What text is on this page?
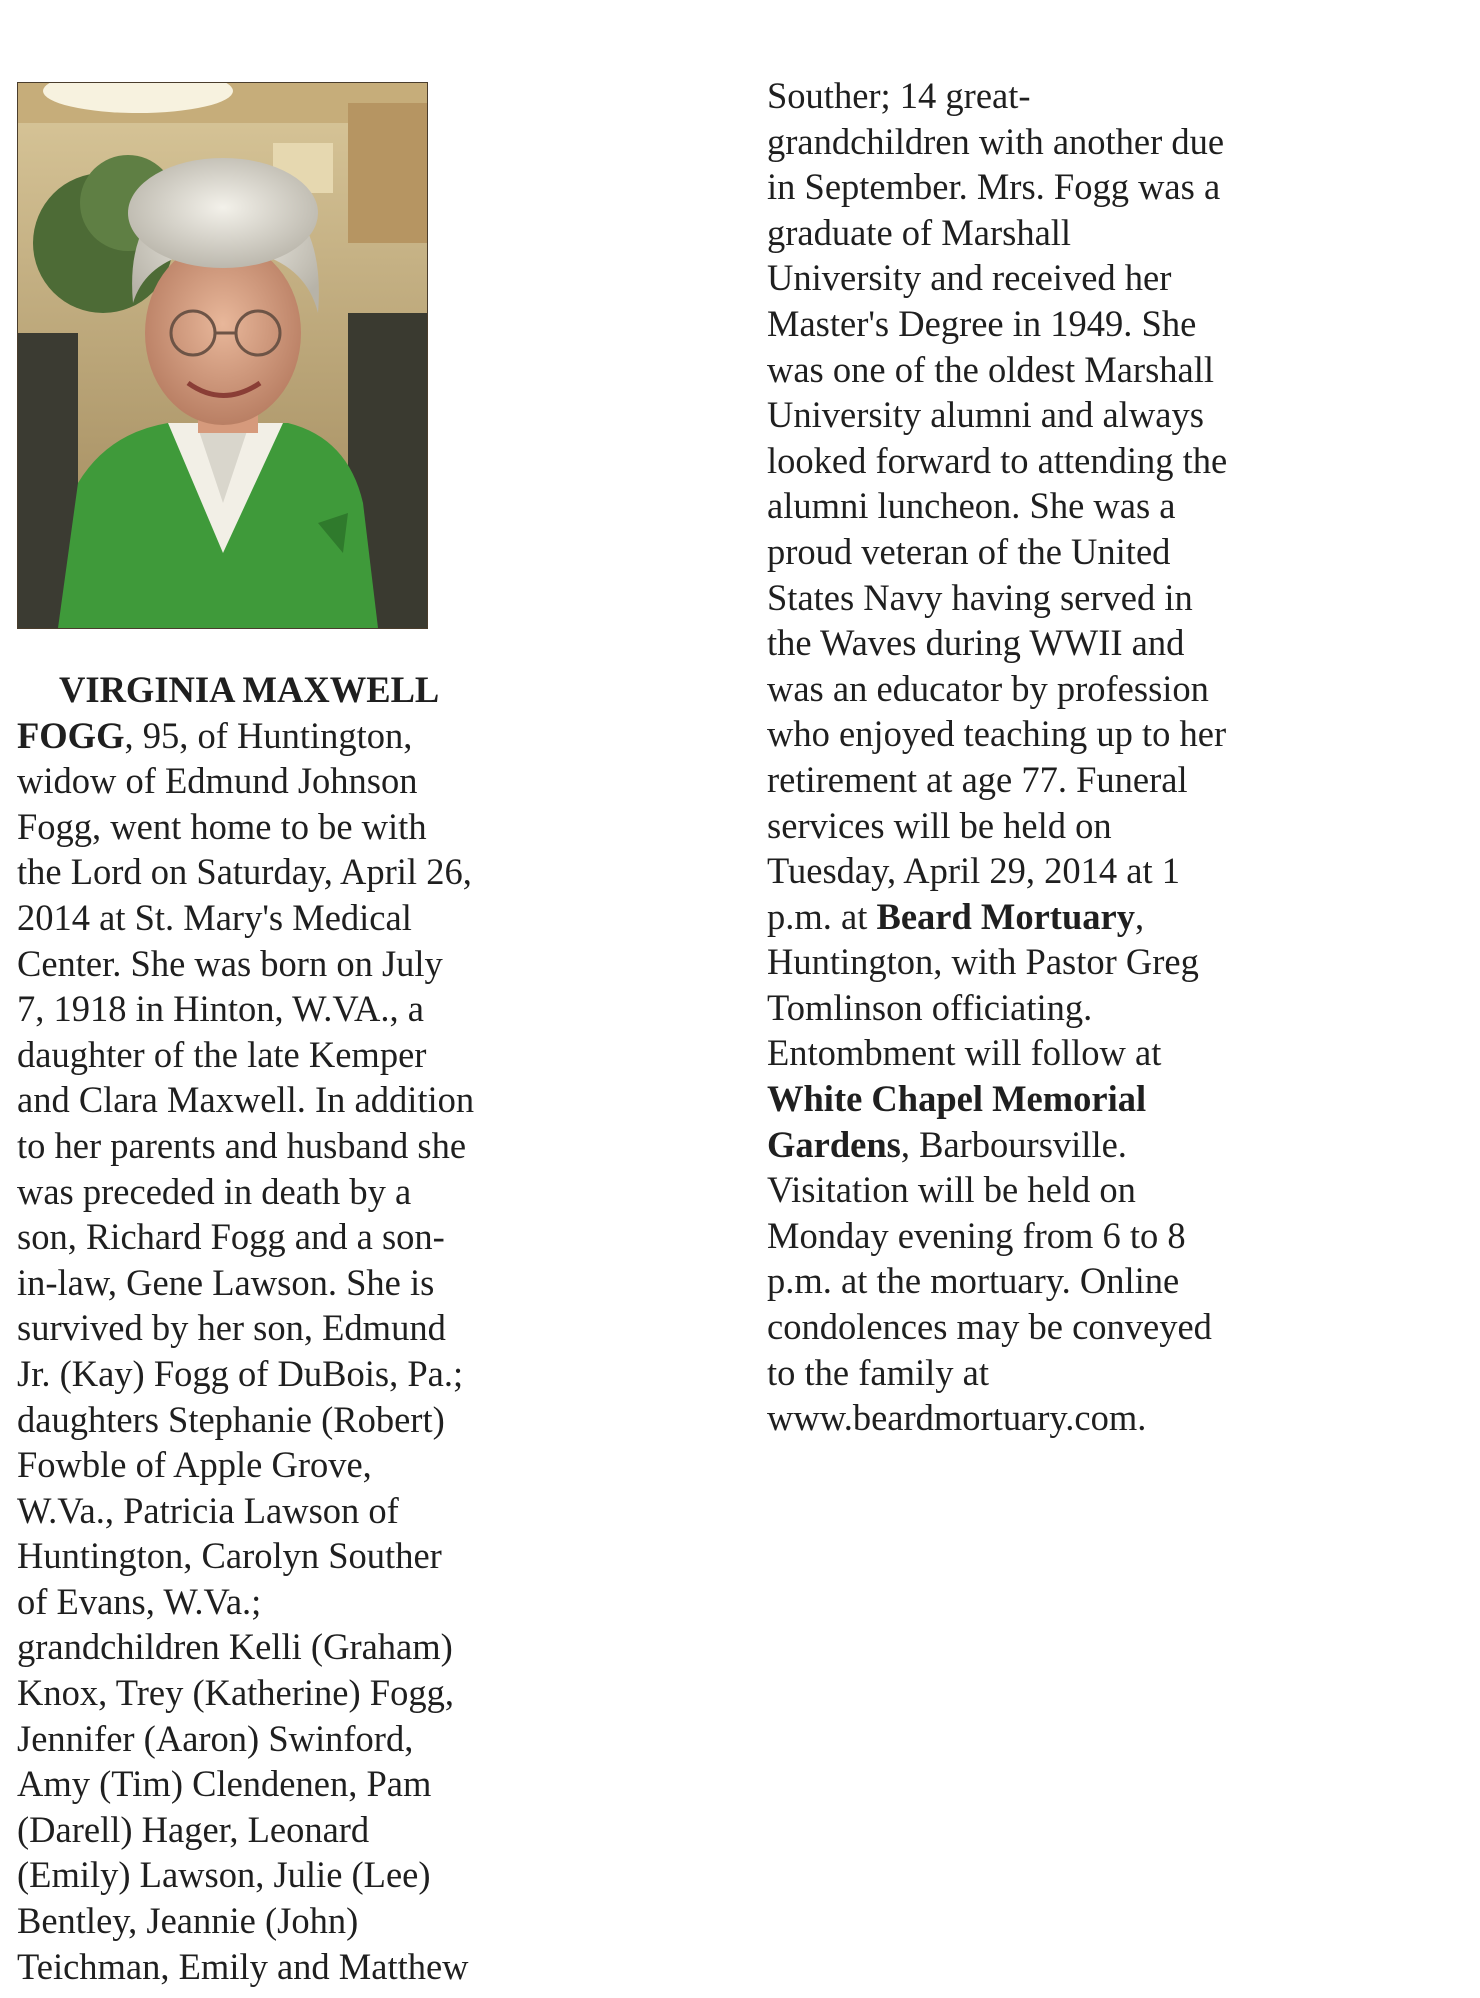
VIRGINIA MAXWELL
FOGG, 95, of Huntington,
widow of Edmund Johnson
Fogg, went home to be with
the Lord on Saturday, April 26,
2014 at St. Mary's Medical
Center. She was born on July
7, 1918 in Hinton, W.VA., a
daughter of the late Kemper
and Clara Maxwell. In addition
to her parents and husband she
was preceded in death by a
son, Richard Fogg and a son-
in-law, Gene Lawson. She is
survived by her son, Edmund
Jr. (Kay) Fogg of DuBois, Pa.;
daughters Stephanie (Robert)
Fowble of Apple Grove,
W.Va., Patricia Lawson of
Huntington, Carolyn Souther
of Evans, W.Va.;
grandchildren Kelli (Graham)
Knox, Trey (Katherine) Fogg,
Jennifer (Aaron) Swinford,
Amy (Tim) Clendenen, Pam
(Darell) Hager, Leonard
(Emily) Lawson, Julie (Lee)
Bentley, Jeannie (John)
Teichman, Emily and Matthew
Souther; 14 great-
grandchildren with another due
in September. Mrs. Fogg was a
graduate of Marshall
University and received her
Master's Degree in 1949. She
was one of the oldest Marshall
University alumni and always
looked forward to attending the
alumni luncheon. She was a
proud veteran of the United
States Navy having served in
the Waves during WWII and
was an educator by profession
who enjoyed teaching up to her
retirement at age 77. Funeral
services will be held on
Tuesday, April 29, 2014 at 1
p.m. at Beard Mortuary,
Huntington, with Pastor Greg
Tomlinson officiating.
Entombment will follow at
White Chapel Memorial
Gardens, Barboursville.
Visitation will be held on
Monday evening from 6 to 8
p.m. at the mortuary. Online
condolences may be conveyed
to the family at
www.beardmortuary.com.
